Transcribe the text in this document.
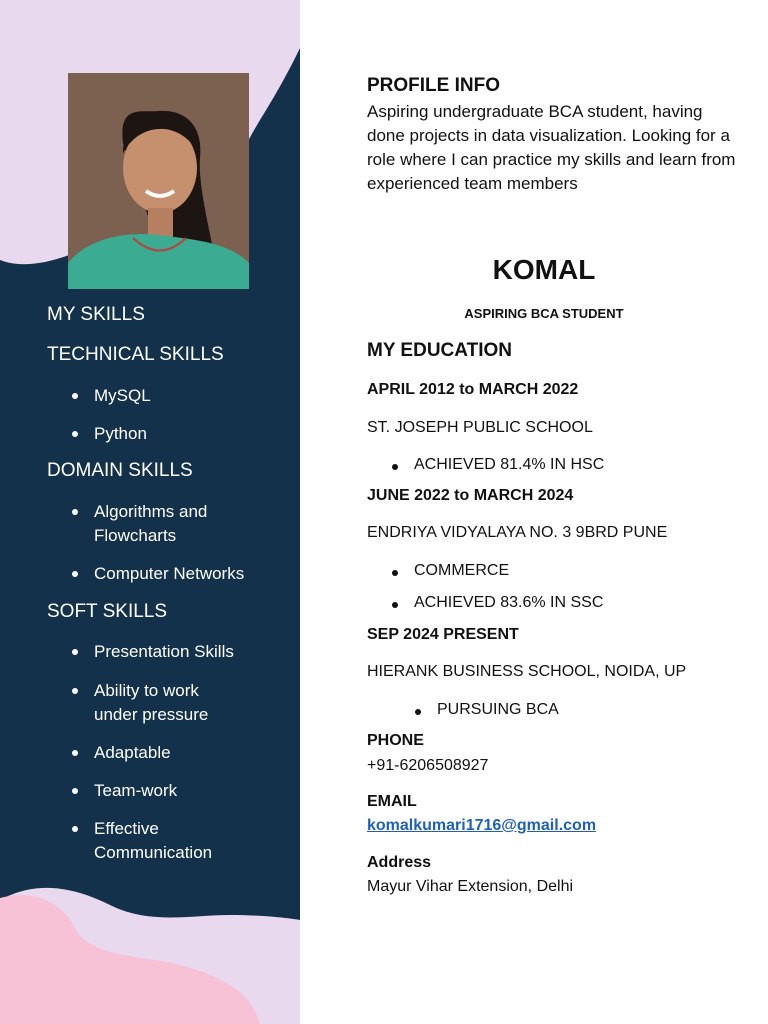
MY SKILLS
TECHNICAL SKILLS
MySQL
Python
DOMAIN SKILLS
Algorithms and Flowcharts
Computer Networks
SOFT SKILLS
Presentation Skills
Ability to work under pressure
Adaptable
Team-work
Effective Communication
PROFILE INFO
Aspiring undergraduate BCA student, having done projects in data visualization. Looking for a role where I can practice my skills and learn from experienced team members
KOMAL
ASPIRING BCA STUDENT
MY EDUCATION
APRIL 2012 to MARCH 2022
ST. JOSEPH PUBLIC SCHOOL
ACHIEVED 81.4% IN HSC
JUNE 2022 to MARCH 2024
ENDRIYA VIDYALAYA NO. 3 9BRD PUNE
COMMERCE
ACHIEVED 83.6% IN SSC
SEP 2024 PRESENT
HIERANK BUSINESS SCHOOL, NOIDA, UP
PURSUING BCA
PHONE
+91-6206508927
EMAIL
komalkumari1716@gmail.com
Address
Mayur Vihar Extension, Delhi
